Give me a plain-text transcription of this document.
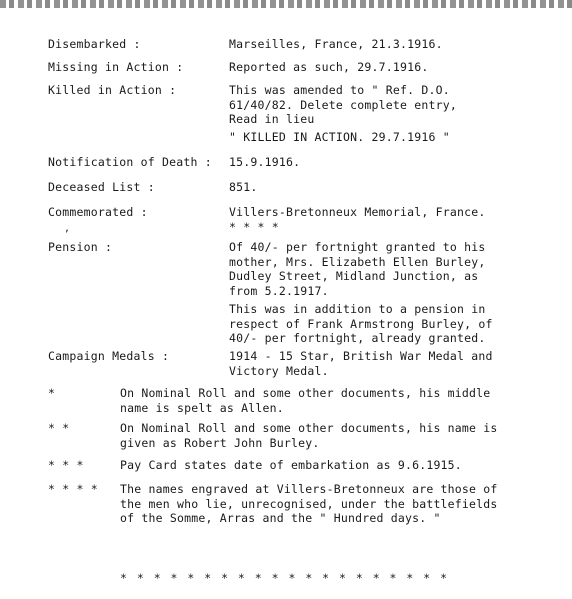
Disembarked :	Marseilles, France, 21.3.1916.
Missing in Action :	Reported as such, 29.7.1916.
Killed in Action :	This was amended to " Ref. D.O.
61/40/82. Delete complete entry,
Read in lieu
" KILLED IN ACTION. 29.7.1916 "
Notification of Death : 15.9.1916.
Deceased List :	851.
Commemorated :	Villers-Bretonneux Memorial, France.
* * * *
,
Pension :	Of 40/- per fortnight granted to his
mother, Mrs. Elizabeth Ellen Burley,
Dudley Street, Midland Junction, as
from 5.2.1917.
This was in addition to a pension in
respect of Frank Armstrong Burley, of
40/- per fortnight, already granted.
Campaign Medals :	1914 - 15 Star, British War Medal and
Victory Medal.
*	On Nominal Roll and some other documents, his middle
name is spelt as Allen.
* *	On Nominal Roll and some other documents, his name is
given as Robert John Burley.
* * *	Pay Card states date of embarkation as 9.6.1915.
* * * * The names engraved at Villers-Bretonneux are those of
the men who lie, unrecognised, under the battlefields
of the Somme, Arras and the " Hundred days. "
* * * * * * * * * * * * * * * * * * * *
